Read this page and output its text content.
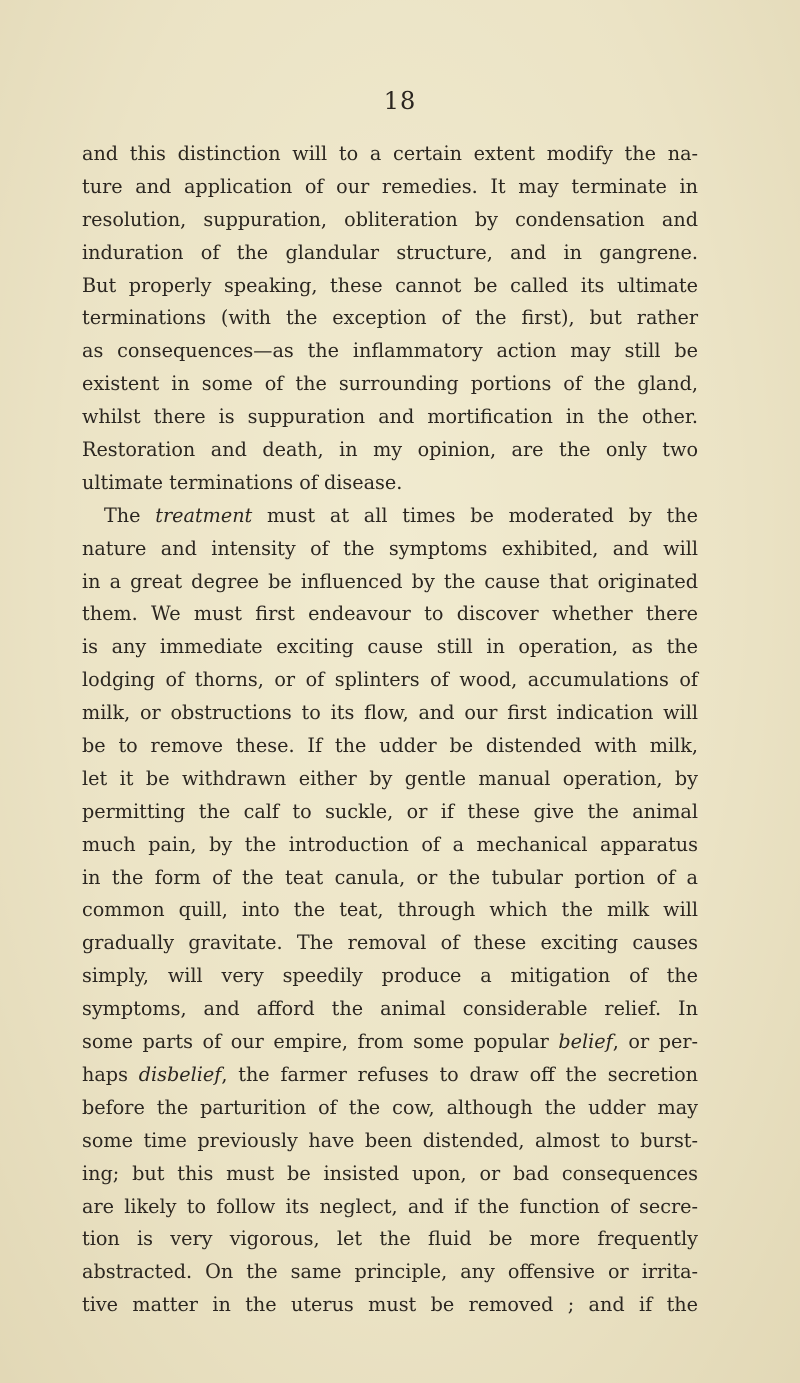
18
and this distinction will to a certain extent modify the na-
ture and application of our remedies. It may terminate in
resolution, suppuration, obliteration by condensation and
induration of the glandular structure, and in gangrene.
But properly speaking, these cannot be called its ultimate
terminations (with the exception of the first), but rather
as consequences—as the inflammatory action may still be
existent in some of the surrounding portions of the gland,
whilst there is suppuration and mortification in the other.
Restoration and death, in my opinion, are the only two
ultimate terminations of disease.
The treatment must at all times be moderated by the
nature and intensity of the symptoms exhibited, and will
in a great degree be influenced by the cause that originated
them. We must first endeavour to discover whether there
is any immediate exciting cause still in operation, as the
lodging of thorns, or of splinters of wood, accumulations of
milk, or obstructions to its flow, and our first indication will
be to remove these. If the udder be distended with milk,
let it be withdrawn either by gentle manual operation, by
permitting the calf to suckle, or if these give the animal
much pain, by the introduction of a mechanical apparatus
in the form of the teat canula, or the tubular portion of a
common quill, into the teat, through which the milk will
gradually gravitate. The removal of these exciting causes
simply, will very speedily produce a mitigation of the
symptoms, and afford the animal considerable relief. In
some parts of our empire, from some popular belief, or per-
haps disbelief, the farmer refuses to draw off the secretion
before the parturition of the cow, although the udder may
some time previously have been distended, almost to burst-
ing; but this must be insisted upon, or bad consequences
are likely to follow its neglect, and if the function of secre-
tion is very vigorous, let the fluid be more frequently
abstracted. On the same principle, any offensive or irrita-
tive matter in the uterus must be removed ; and if the
